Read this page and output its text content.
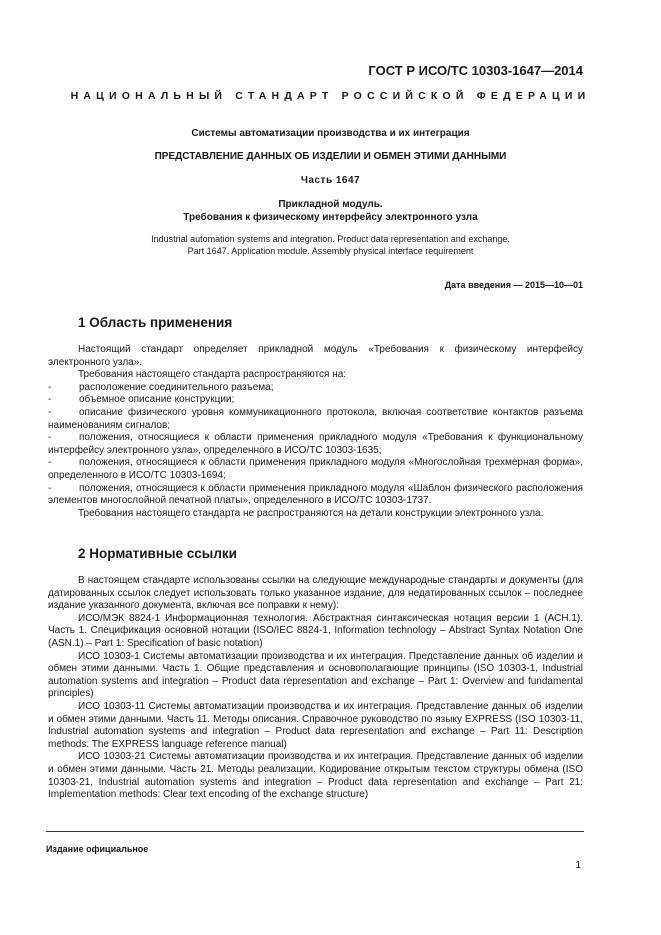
ГОСТ Р ИСО/ТС 10303-1647—2014
НАЦИОНАЛЬНЫЙ СТАНДАРТ РОССИЙСКОЙ ФЕДЕРАЦИИ
Системы автоматизации производства и их интеграция
ПРЕДСТАВЛЕНИЕ ДАННЫХ ОБ ИЗДЕЛИИ И ОБМЕН ЭТИМИ ДАННЫМИ
Часть 1647
Прикладной модуль.
Требования к физическому интерфейсу электронного узла
Industrial automation systems and integration. Product data representation and exchange.
Part 1647. Application module. Assembly physical interface requirement
Дата введения — 2015—10—01
1 Область применения

Настоящий стандарт определяет прикладной модуль «Требования к физическому интерфейсу электронного узла».

Требования настоящего стандарта распространяются на:

-	расположение соединительного разъема;

-	объемное описание конструкции;

-	описание физического уровня коммуникационного протокола, включая соответствие контактов разъема наименованиям сигналов;

-	положения, относящиеся к области применения прикладного модуля «Требования к функциональному интерфейсу электронного узла», определенного в ИСО/ТС 10303-1635;

-	положения, относящиеся к области применения прикладного модуля «Многослойная трехмерная форма», определенного в ИСО/ТС 10303-1694;

-	положения, относящиеся к области применения прикладного модуля «Шаблон физического расположения элементов многослойной печатной платы», определенного в ИСО/ТС 10303-1737.

Требования настоящего стандарта не распространяются на детали конструкции электронного узла.

2 Нормативные ссылки

В настоящем стандарте использованы ссылки на следующие международные стандарты и документы (для датированных ссылок следует использовать только указанное издание, для недатированных ссылок – последнее издание указанного документа, включая все поправки к нему):

ИСО/МЭК 8824-1 Информационная технология. Абстрактная синтаксическая нотация версии 1 (АСН.1). Часть 1. Спецификация основной нотации (ISO/IEC 8824-1, Information technology – Abstract Syntax Notation One (ASN.1) – Part 1: Specification of basic notation)

ИСО 10303-1 Системы автоматизации производства и их интеграция. Представление данных об изделии и обмен этими данными. Часть 1. Общие представления и основополагающие принципы (ISO 10303-1, Industrial automation systems and integration – Product data representation and exchange – Part 1: Overview and fundamental principles)

ИСО 10303-11 Системы автоматизации производства и их интеграция. Представление данных об изделии и обмен этими данными. Часть 11. Методы описания. Справочное руководство по языку EXPRESS (ISO 10303-11, Industrial automation systems and integration – Product data representation and exchange – Part 11: Description methods: The EXPRESS language reference manual)

ИСО 10303-21 Системы автоматизации производства и их интеграция. Представление данных об изделии и обмен этими данными. Часть 21. Методы реализации. Кодирование открытым текстом структуры обмена (ISO 10303-21, Industrial automation systems and integration – Product data representation and exchange – Part 21: Implementation methods: Clear text encoding of the exchange structure)

Издание официальное
1
